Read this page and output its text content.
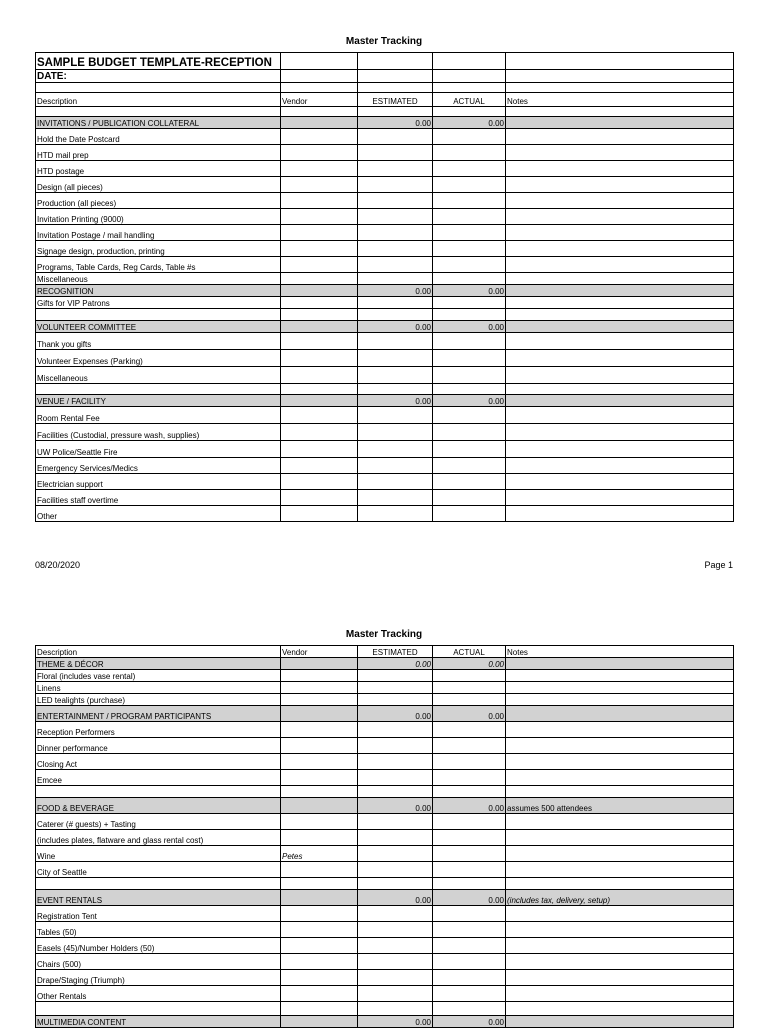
Master Tracking
SAMPLE BUDGET TEMPLATE-RECEPTION				
DATE:				

Description	Vendor	ESTIMATED	ACTUAL	Notes

INVITATIONS / PUBLICATION COLLATERAL		0.00	0.00	
Hold the Date Postcard				
HTD mail prep				
HTD postage				
Design (all pieces)				
Production (all pieces)				
Invitation Printing (9000)				
Invitation Postage / mail handling				
Signage design, production, printing				
Programs, Table Cards, Reg Cards, Table #s				
Miscellaneous				
RECOGNITION		0.00	0.00	
Gifts for VIP Patrons				

VOLUNTEER COMMITTEE		0.00	0.00	
Thank you gifts				
Volunteer Expenses (Parking)				
Miscellaneous				

VENUE / FACILITY		0.00	0.00	
Room Rental Fee				
Facilities (Custodial, pressure wash, supplies)				
UW Police/Seattle Fire				
Emergency Services/Medics				
Electrician support				
Facilities staff overtime				
Other				
08/20/2020	Page 1
Master Tracking
Description	Vendor	ESTIMATED	ACTUAL	Notes
THEME & DÉCOR		0.00	0.00	
Floral (includes vase rental)				
Linens				
LED tealights (purchase)				
ENTERTAINMENT / PROGRAM PARTICIPANTS		0.00	0.00	
Reception Performers				
Dinner performance				
Closing Act				
Emcee				

FOOD & BEVERAGE		0.00	0.00	assumes 500 attendees
Caterer (# guests) + Tasting				
(includes plates, flatware and glass rental cost)				
Wine	Petes			
City of Seattle				

EVENT RENTALS		0.00	0.00	(includes tax, delivery, setup)
Registration Tent				
Tables (50)				
Easels (45)/Number Holders (50)				
Chairs (500)				
Drape/Staging (Triumph)				
Other Rentals				

MULTIMEDIA CONTENT		0.00	0.00	
